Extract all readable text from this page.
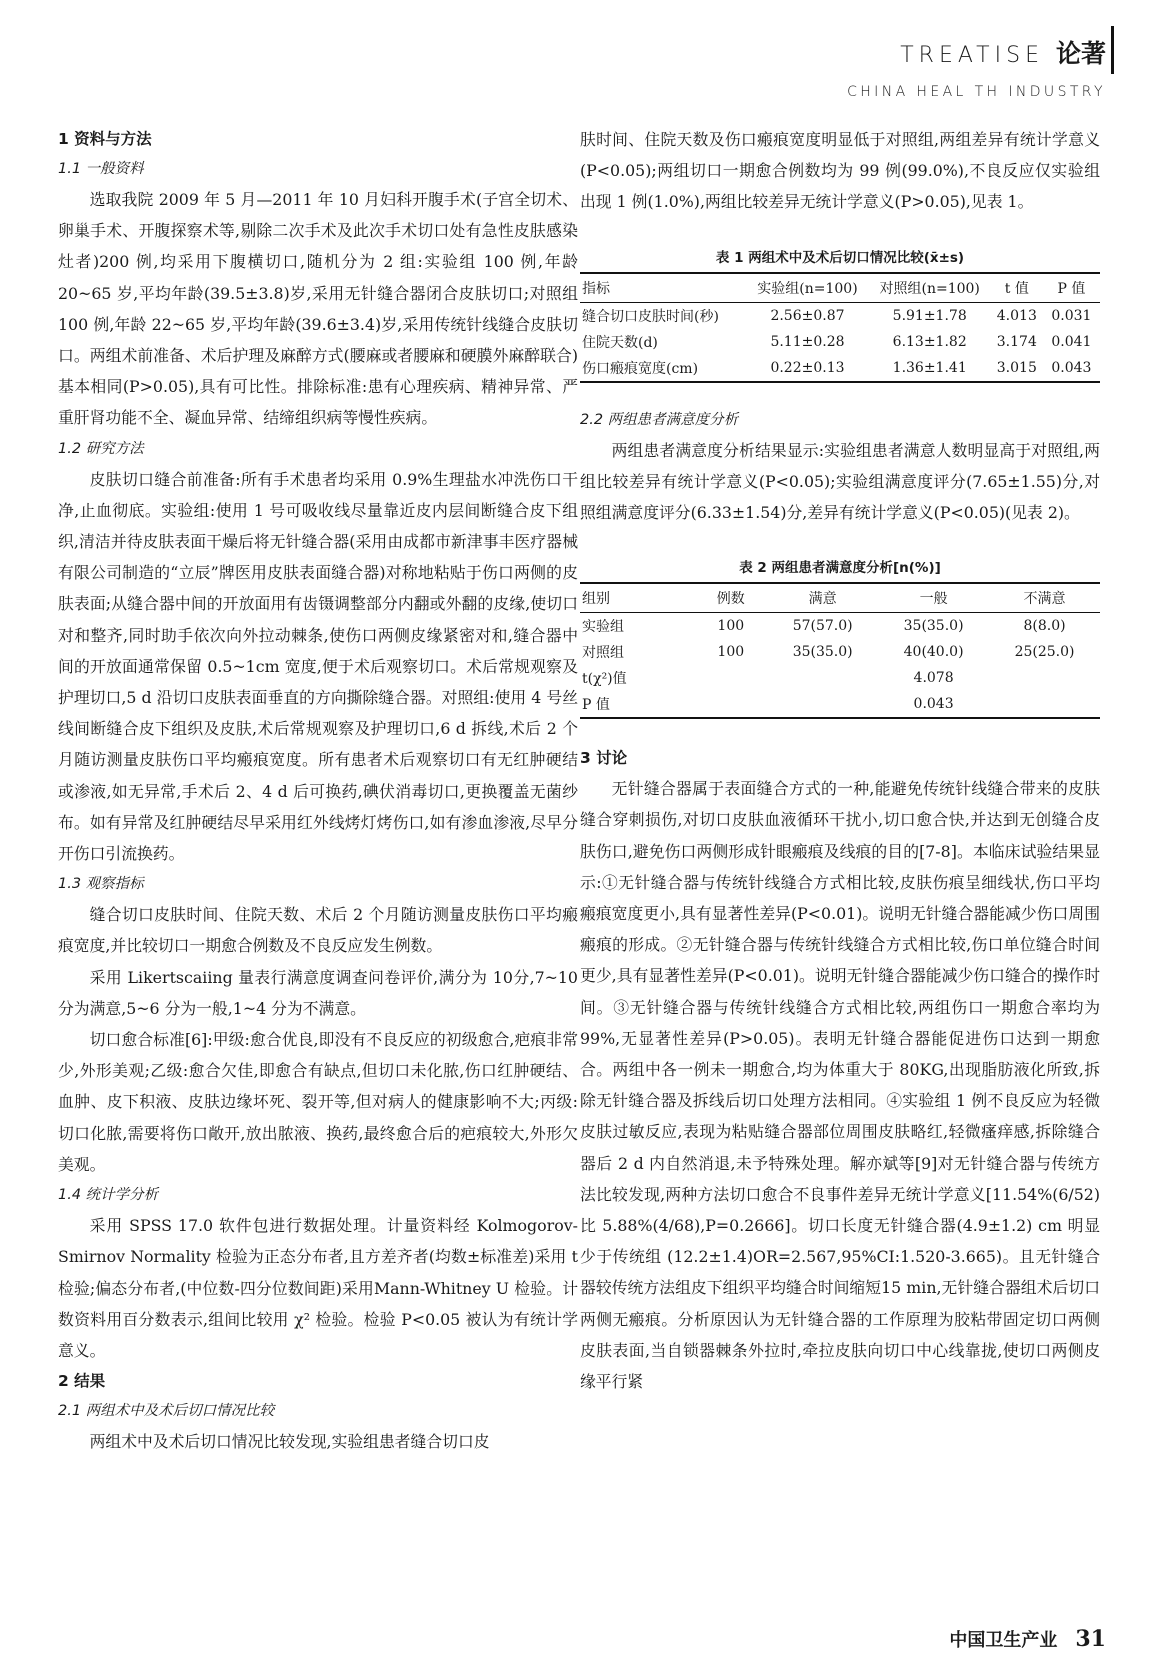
TREATISE 论著
CHINA HEAL TH INDUSTRY

1 资料与方法

1.1 一般资料

选取我院 2009 年 5 月—2011 年 10 月妇科开腹手术(子宫全切术、卵巢手术、开腹探察术等,剔除二次手术及此次手术切口处有急性皮肤感染灶者)200 例,均采用下腹横切口,随机分为 2 组:实验组 100 例,年龄 20~65 岁,平均年龄(39.5±3.8)岁,采用无针缝合器闭合皮肤切口;对照组 100 例,年龄 22~65 岁,平均年龄(39.6±3.4)岁,采用传统针线缝合皮肤切口。两组术前准备、术后护理及麻醉方式(腰麻或者腰麻和硬膜外麻醉联合)基本相同(P>0.05),具有可比性。排除标准:患有心理疾病、精神异常、严重肝肾功能不全、凝血异常、结缔组织病等慢性疾病。

1.2 研究方法

皮肤切口缝合前准备:所有手术患者均采用 0.9%生理盐水冲洗伤口干净,止血彻底。实验组:使用 1 号可吸收线尽量靠近皮内层间断缝合皮下组织,清洁并待皮肤表面干燥后将无针缝合器(采用由成都市新津事丰医疗器械有限公司制造的“立辰”牌医用皮肤表面缝合器)对称地粘贴于伤口两侧的皮肤表面;从缝合器中间的开放面用有齿镊调整部分内翻或外翻的皮缘,使切口对和整齐,同时助手依次向外拉动棘条,使伤口两侧皮缘紧密对和,缝合器中间的开放面通常保留 0.5~1cm 宽度,便于术后观察切口。术后常规观察及护理切口,5 d 沿切口皮肤表面垂直的方向撕除缝合器。对照组:使用 4 号丝线间断缝合皮下组织及皮肤,术后常规观察及护理切口,6 d 拆线,术后 2 个月随访测量皮肤伤口平均瘢痕宽度。所有患者术后观察切口有无红肿硬结或渗液,如无异常,手术后 2、4 d 后可换药,碘伏消毒切口,更换覆盖无菌纱布。如有异常及红肿硬结尽早采用红外线烤灯烤伤口,如有渗血渗液,尽早分开伤口引流换药。

1.3 观察指标

缝合切口皮肤时间、住院天数、术后 2 个月随访测量皮肤伤口平均瘢痕宽度,并比较切口一期愈合例数及不良反应发生例数。

采用 Likertscaiing 量表行满意度调查问卷评价,满分为 10分,7~10 分为满意,5~6 分为一般,1~4 分为不满意。

切口愈合标准[6]:甲级:愈合优良,即没有不良反应的初级愈合,疤痕非常少,外形美观;乙级:愈合欠佳,即愈合有缺点,但切口未化脓,伤口红肿硬结、血肿、皮下积液、皮肤边缘坏死、裂开等,但对病人的健康影响不大;丙级:切口化脓,需要将伤口敞开,放出脓液、换药,最终愈合后的疤痕较大,外形欠美观。

1.4 统计学分析

采用 SPSS 17.0 软件包进行数据处理。计量资料经 Kolmogorov-Smirnov Normality 检验为正态分布者,且方差齐者(均数±标准差)采用 t 检验;偏态分布者,(中位数-四分位数间距)采用Mann-Whitney U 检验。计数资料用百分数表示,组间比较用 χ² 检验。检验 P<0.05 被认为有统计学意义。

2 结果

2.1 两组术中及术后切口情况比较

两组术中及术后切口情况比较发现,实验组患者缝合切口皮

肤时间、住院天数及伤口瘢痕宽度明显低于对照组,两组差异有统计学意义(P<0.05);两组切口一期愈合例数均为 99 例(99.0%),不良反应仅实验组出现 1 例(1.0%),两组比较差异无统计学意义(P>0.05),见表 1。

表 1 两组术中及术后切口情况比较(x̄±s)

指标	实验组(n=100)	对照组(n=100)	t 值	P 值
缝合切口皮肤时间(秒)	2.56±0.87	5.91±1.78	4.013	0.031
住院天数(d)	5.11±0.28	6.13±1.82	3.174	0.041
伤口瘢痕宽度(cm)	0.22±0.13	1.36±1.41	3.015	0.043

2.2 两组患者满意度分析

两组患者满意度分析结果显示:实验组患者满意人数明显高于对照组,两组比较差异有统计学意义(P<0.05);实验组满意度评分(7.65±1.55)分,对照组满意度评分(6.33±1.54)分,差异有统计学意义(P<0.05)(见表 2)。

表 2 两组患者满意度分析[n(%)]

组别	例数	满意	一般	不满意
实验组	100	57(57.0)	35(35.0)	8(8.0)
对照组	100	35(35.0)	40(40.0)	25(25.0)
t(χ²)值			4.078	
P 值			0.043	

3 讨论

无针缝合器属于表面缝合方式的一种,能避免传统针线缝合带来的皮肤缝合穿刺损伤,对切口皮肤血液循环干扰小,切口愈合快,并达到无创缝合皮肤伤口,避免伤口两侧形成针眼瘢痕及线痕的目的[7-8]。本临床试验结果显示:①无针缝合器与传统针线缝合方式相比较,皮肤伤痕呈细线状,伤口平均瘢痕宽度更小,具有显著性差异(P<0.01)。说明无针缝合器能减少伤口周围瘢痕的形成。②无针缝合器与传统针线缝合方式相比较,伤口单位缝合时间更少,具有显著性差异(P<0.01)。说明无针缝合器能减少伤口缝合的操作时间。③无针缝合器与传统针线缝合方式相比较,两组伤口一期愈合率均为 99%,无显著性差异(P>0.05)。表明无针缝合器能促进伤口达到一期愈合。两组中各一例未一期愈合,均为体重大于 80KG,出现脂肪液化所致,拆除无针缝合器及拆线后切口处理方法相同。④实验组 1 例不良反应为轻微皮肤过敏反应,表现为粘贴缝合器部位周围皮肤略红,轻微瘙痒感,拆除缝合器后 2 d 内自然消退,未予特殊处理。解亦斌等[9]对无针缝合器与传统方法比较发现,两种方法切口愈合不良事件差异无统计学意义[11.54%(6/52)比 5.88%(4/68),P=0.2666]。切口长度无针缝合器(4.9±1.2) cm 明显少于传统组 (12.2±1.4)OR=2.567,95%CI:1.520-3.665)。且无针缝合器较传统方法组皮下组织平均缝合时间缩短15 min,无针缝合器组术后切口两侧无瘢痕。分析原因认为无针缝合器的工作原理为胶粘带固定切口两侧皮肤表面,当自锁器棘条外拉时,牵拉皮肤向切口中心线靠拢,使切口两侧皮缘平行紧

中国卫生产业 31
